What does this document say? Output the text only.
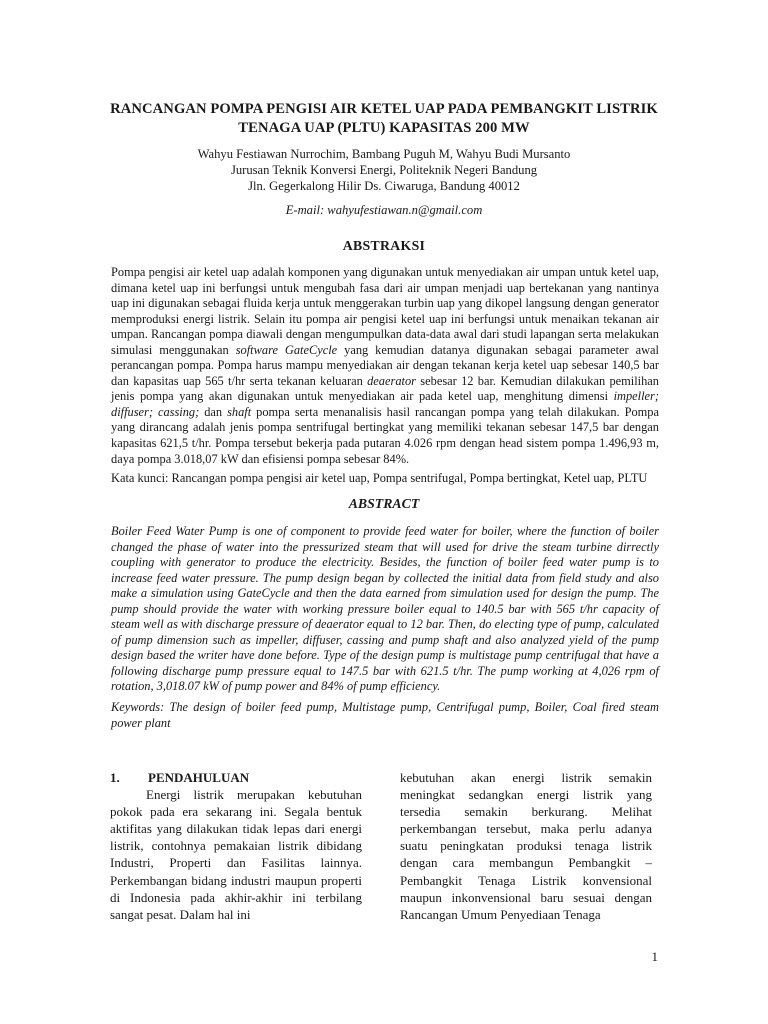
RANCANGAN POMPA PENGISI AIR KETEL UAP PADA PEMBANGKIT LISTRIK
TENAGA UAP (PLTU) KAPASITAS 200 MW
Wahyu Festiawan Nurrochim, Bambang Puguh M, Wahyu Budi Mursanto
Jurusan Teknik Konversi Energi, Politeknik Negeri Bandung
Jln. Gegerkalong Hilir Ds. Ciwaruga, Bandung 40012
E-mail: wahyufestiawan.n@gmail.com
ABSTRAKSI
Pompa pengisi air ketel uap adalah komponen yang digunakan untuk menyediakan air umpan untuk ketel uap, dimana ketel uap ini berfungsi untuk mengubah fasa dari air umpan menjadi uap bertekanan yang nantinya uap ini digunakan sebagai fluida kerja untuk menggerakan turbin uap yang dikopel langsung dengan generator memproduksi energi listrik. Selain itu pompa air pengisi ketel uap ini berfungsi untuk menaikan tekanan air umpan. Rancangan pompa diawali dengan mengumpulkan data-data awal dari studi lapangan serta melakukan simulasi menggunakan software GateCycle yang kemudian datanya digunakan sebagai parameter awal perancangan pompa. Pompa harus mampu menyediakan air dengan tekanan kerja ketel uap sebesar 140,5 bar dan kapasitas uap 565 t/hr serta tekanan keluaran deaerator sebesar 12 bar. Kemudian dilakukan pemilihan jenis pompa yang akan digunakan untuk menyediakan air pada ketel uap, menghitung dimensi impeller; diffuser; cassing; dan shaft pompa serta menanalisis hasil rancangan pompa yang telah dilakukan. Pompa yang dirancang adalah jenis pompa sentrifugal bertingkat yang memiliki tekanan sebesar 147,5 bar dengan kapasitas 621,5 t/hr. Pompa tersebut bekerja pada putaran 4.026 rpm dengan head sistem pompa 1.496,93 m, daya pompa 3.018,07 kW dan efisiensi pompa sebesar 84%.
Kata kunci: Rancangan pompa pengisi air ketel uap, Pompa sentrifugal, Pompa bertingkat, Ketel uap, PLTU
ABSTRACT
Boiler Feed Water Pump is one of component to provide feed water for boiler, where the function of boiler changed the phase of water into the pressurized steam that will used for drive the steam turbine dirrectly coupling with generator to produce the electricity. Besides, the function of boiler feed water pump is to increase feed water pressure. The pump design began by collected the initial data from field study and also make a simulation using GateCycle and then the data earned from simulation used for design the pump. The pump should provide the water with working pressure boiler equal to 140.5 bar with 565 t/hr capacity of steam well as with discharge pressure of deaerator equal to 12 bar. Then, do electing type of pump, calculated of pump dimension such as impeller, diffuser, cassing and pump shaft and also analyzed yield of the pump design based the writer have done before. Type of the design pump is multistage pump centrifugal that have a following discharge pump pressure equal to 147.5 bar with 621.5 t/hr. The pump working at 4,026 rpm of rotation, 3,018.07 kW of pump power and 84% of pump efficiency.
Keywords: The design of boiler feed pump, Multistage pump, Centrifugal pump, Boiler, Coal fired steam power plant
1.	PENDAHULUAN
Energi listrik merupakan kebutuhan pokok pada era sekarang ini. Segala bentuk aktifitas yang dilakukan tidak lepas dari energi listrik, contohnya pemakaian listrik dibidang Industri, Properti dan Fasilitas lainnya. Perkembangan bidang industri maupun properti di Indonesia pada akhir-akhir ini terbilang sangat pesat. Dalam hal ini
kebutuhan akan energi listrik semakin meningkat sedangkan energi listrik yang tersedia semakin berkurang. Melihat perkembangan tersebut, maka perlu adanya suatu peningkatan produksi tenaga listrik dengan cara membangun Pembangkit – Pembangkit Tenaga Listrik konvensional maupun inkonvensional baru sesuai dengan Rancangan Umum Penyediaan Tenaga
1
